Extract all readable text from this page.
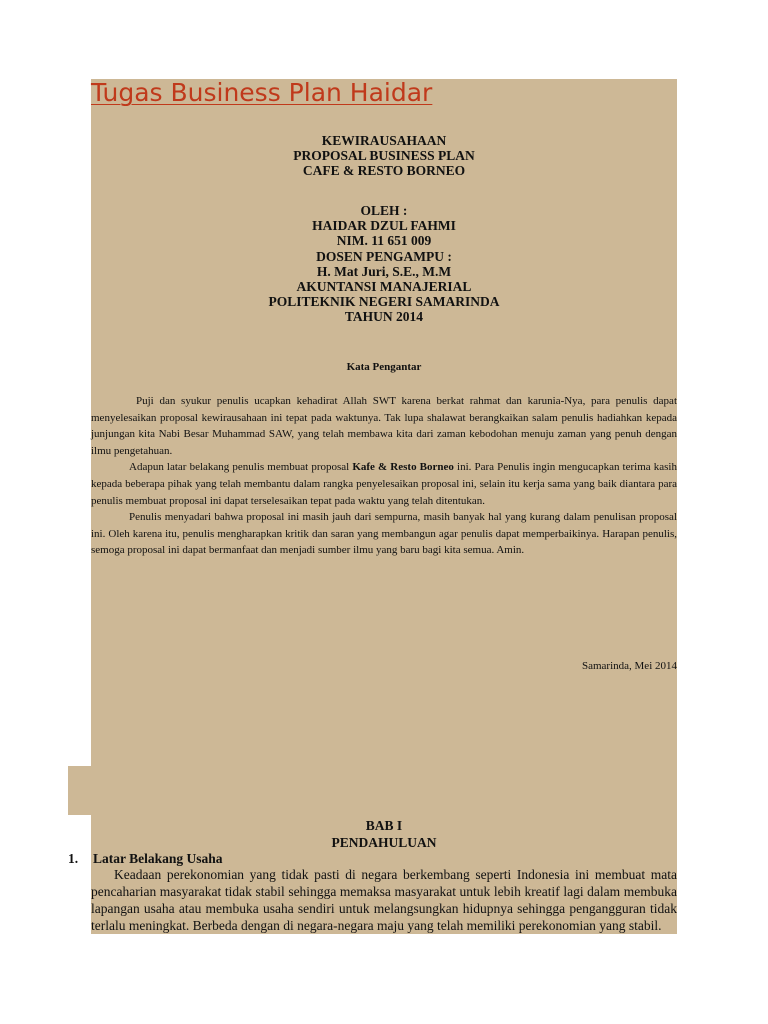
Tugas Business Plan Haidar
KEWIRAUSAHAAN
PROPOSAL BUSINESS PLAN
CAFE & RESTO BORNEO
OLEH :
HAIDAR DZUL FAHMI
NIM. 11 651 009
DOSEN PENGAMPU :
H. Mat Juri, S.E., M.M
AKUNTANSI MANAJERIAL
POLITEKNIK NEGERI SAMARINDA
TAHUN 2014
Kata Pengantar

Puji dan syukur penulis ucapkan kehadirat Allah SWT karena berkat rahmat dan karunia-Nya, para penulis dapat menyelesaikan proposal kewirausahaan ini tepat pada waktunya. Tak lupa shalawat berangkaikan salam penulis hadiahkan kepada junjungan kita Nabi Besar Muhammad SAW, yang telah membawa kita dari zaman kebodohan menuju zaman yang penuh dengan ilmu pengetahuan.

Adapun latar belakang penulis membuat proposal Kafe & Resto Borneo ini. Para Penulis ingin mengucapkan terima kasih kepada beberapa pihak yang telah membantu dalam rangka penyelesaikan proposal ini, selain itu kerja sama yang baik diantara para penulis membuat proposal ini dapat terselesaikan tepat pada waktu yang telah ditentukan.

Penulis menyadari bahwa proposal ini masih jauh dari sempurna, masih banyak hal yang kurang dalam penulisan proposal ini. Oleh karena itu, penulis mengharapkan kritik dan saran yang membangun agar penulis dapat memperbaikinya. Harapan penulis, semoga proposal ini dapat bermanfaat dan menjadi sumber ilmu yang baru bagi kita semua. Amin.

Samarinda, Mei 2014
BAB I
PENDAHULUAN
1. Latar Belakang Usaha

Keadaan perekonomian yang tidak pasti di negara berkembang seperti Indonesia ini membuat mata pencaharian masyarakat tidak stabil sehingga memaksa masyarakat untuk lebih kreatif lagi dalam membuka lapangan usaha atau membuka usaha sendiri untuk melangsungkan hidupnya sehingga pengangguran tidak terlalu meningkat. Berbeda dengan di negara-negara maju yang telah memiliki perekonomian yang stabil.
